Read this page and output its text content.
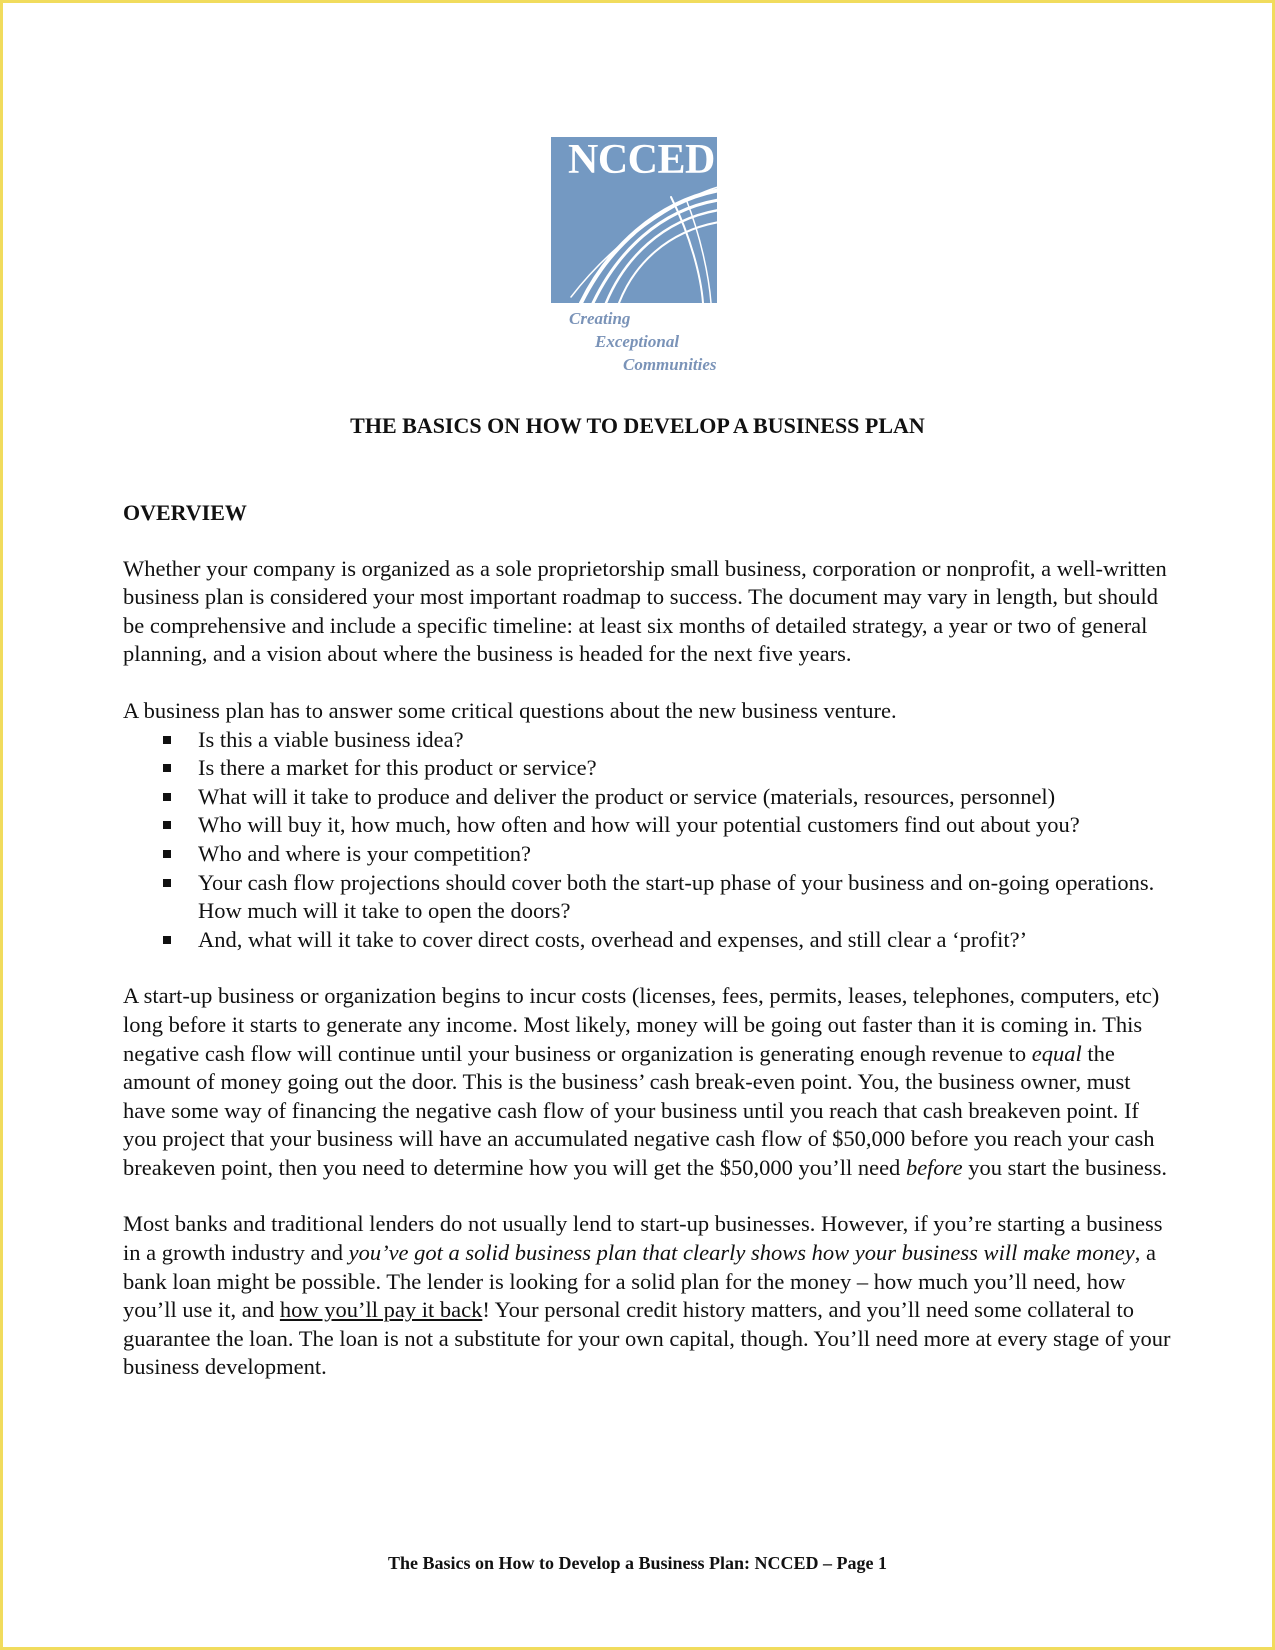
NCCED
Creating
Exceptional
Communities
THE BASICS ON HOW TO DEVELOP A BUSINESS PLAN
OVERVIEW

Whether your company is organized as a sole proprietorship small business, corporation or nonprofit, a well-written business plan is considered your most important roadmap to success. The document may vary in length, but should be comprehensive and include a specific timeline: at least six months of detailed strategy, a year or two of general planning, and a vision about where the business is headed for the next five years.

A business plan has to answer some critical questions about the new business venture.

Is this a viable business idea?
Is there a market for this product or service?
What will it take to produce and deliver the product or service (materials, resources, personnel)
Who will buy it, how much, how often and how will your potential customers find out about you?
Who and where is your competition?
Your cash flow projections should cover both the start-up phase of your business and on-going operations. How much will it take to open the doors?
And, what will it take to cover direct costs, overhead and expenses, and still clear a ‘profit?’

A start-up business or organization begins to incur costs (licenses, fees, permits, leases, telephones, computers, etc) long before it starts to generate any income. Most likely, money will be going out faster than it is coming in. This negative cash flow will continue until your business or organization is generating enough revenue to equal the amount of money going out the door. This is the business’ cash break-even point. You, the business owner, must have some way of financing the negative cash flow of your business until you reach that cash breakeven point. If you project that your business will have an accumulated negative cash flow of $50,000 before you reach your cash breakeven point, then you need to determine how you will get the $50,000 you’ll need before you start the business.

Most banks and traditional lenders do not usually lend to start-up businesses. However, if you’re starting a business in a growth industry and you’ve got a solid business plan that clearly shows how your business will make money, a bank loan might be possible. The lender is looking for a solid plan for the money – how much you’ll need, how you’ll use it, and how you’ll pay it back! Your personal credit history matters, and you’ll need some collateral to guarantee the loan. The loan is not a substitute for your own capital, though. You’ll need more at every stage of your business development.

The Basics on How to Develop a Business Plan: NCCED – Page 1
